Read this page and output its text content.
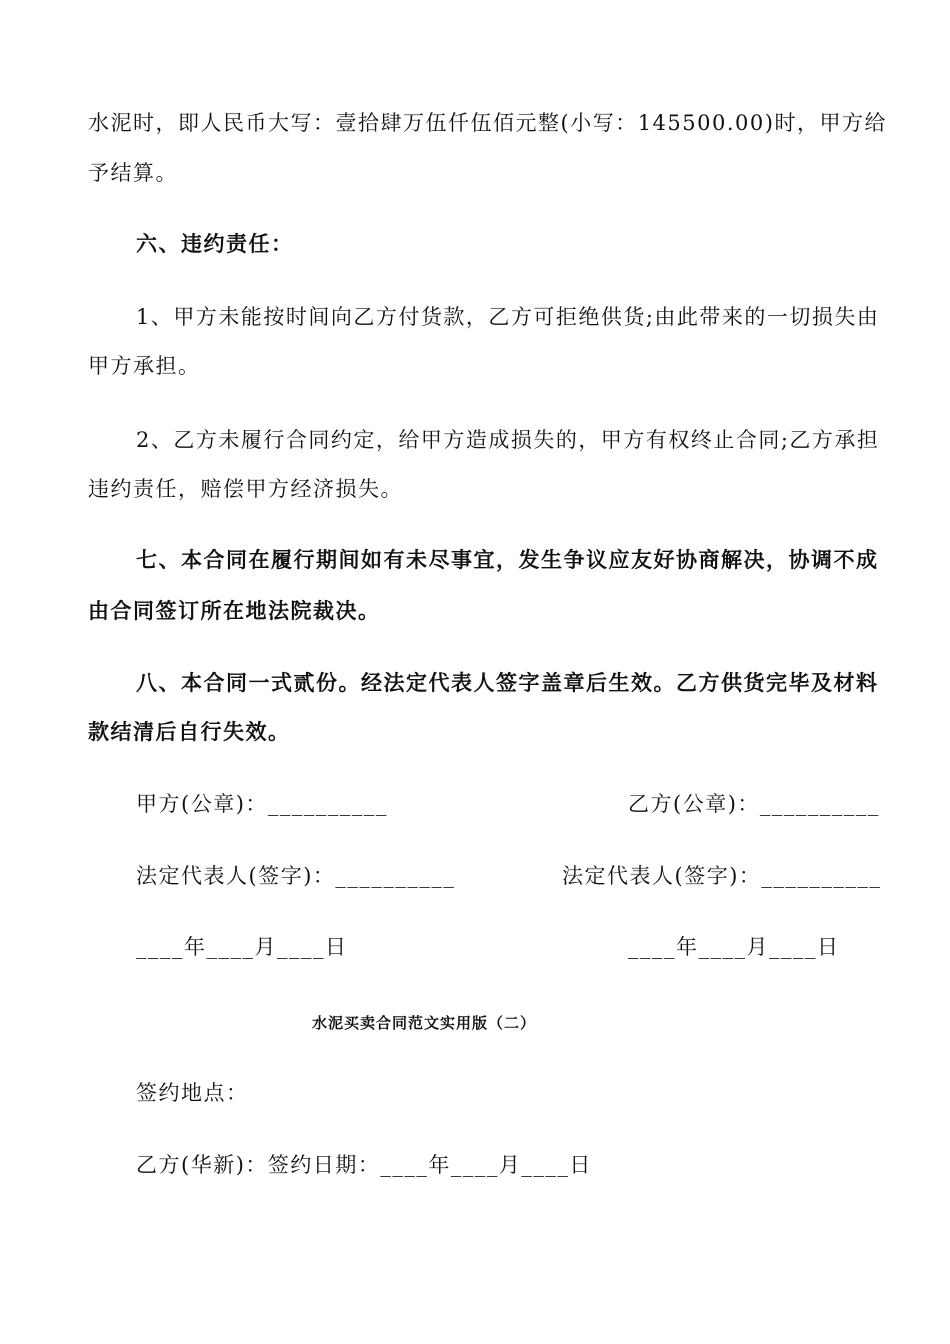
水泥时，即人民币大写：壹拾肆万伍仟伍佰元整(小写：145500.00)时，甲方给
予结算。
六、违约责任：
1、甲方未能按时间向乙方付货款，乙方可拒绝供货;由此带来的一切损失由
甲方承担。
2、乙方未履行合同约定，给甲方造成损失的，甲方有权终止合同;乙方承担
违约责任，赔偿甲方经济损失。
七、本合同在履行期间如有未尽事宜，发生争议应友好协商解决，协调不成
由合同签订所在地法院裁决。
八、本合同一式贰份。经法定代表人签字盖章后生效。乙方供货完毕及材料
款结清后自行失效。
甲方(公章)：__________	乙方(公章)：__________
法定代表人(签字)：__________	法定代表人(签字)：__________
____年____月____日	____年____月____日
水泥买卖合同范文实用版（二）
签约地点：
乙方(华新)：签约日期：____年____月____日
